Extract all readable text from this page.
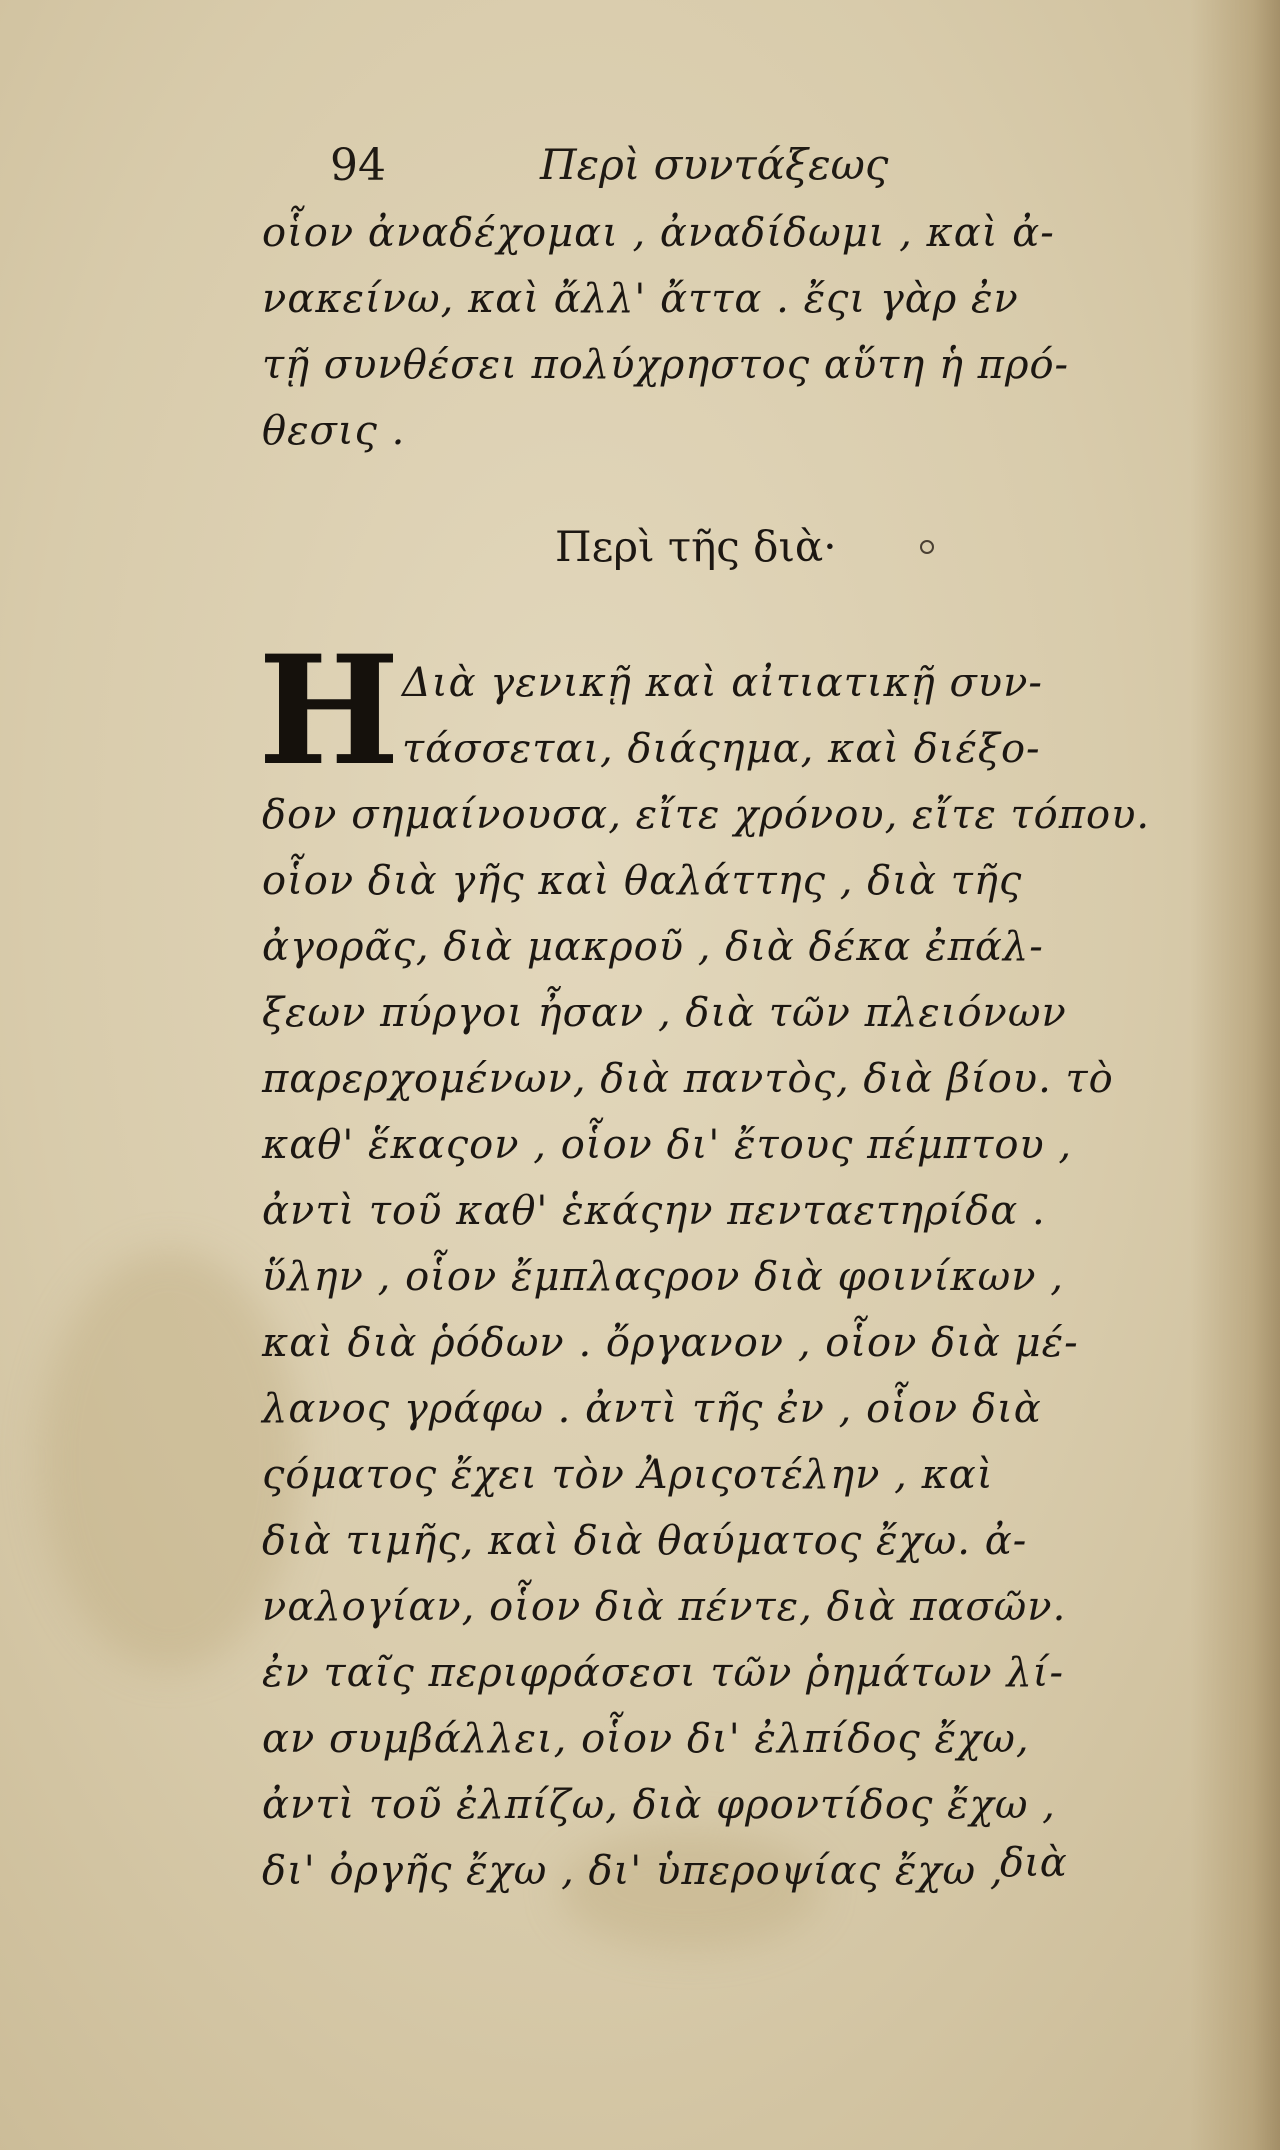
94	Περὶ συντάξεως
οἷον ἀναδέχομαι , ἀναδίδωμι , καὶ ἀ-
νακείνω, καὶ ἄλλ' ἄττα . ἔςι γὰρ ἐν
τῇ συνθέσει πολύχρηστος αὕτη ἡ πρό-
θεσις .
Περὶ τῆς διὰ·
Η Διὰ γενικῇ καὶ αἰτιατικῇ συν-
τάσσεται, διάςημα, καὶ διέξο-
δον σημαίνουσα, εἴτε χρόνου, εἴτε τόπου.
οἷον διὰ γῆς καὶ θαλάττης , διὰ τῆς
ἀγορᾶς, διὰ μακροῦ , διὰ δέκα ἐπάλ-
ξεων πύργοι ἦσαν , διὰ τῶν πλειόνων
παρερχομένων, διὰ παντὸς, διὰ βίου. τὸ
καθ' ἕκαςον , οἷον δι' ἔτους πέμπτου ,
ἀντὶ τοῦ καθ' ἑκάςην πενταετηρίδα .
ὕλην , οἷον ἔμπλαςρον διὰ φοινίκων ,
καὶ διὰ ῥόδων . ὄργανον , οἷον διὰ μέ-
λανος γράφω . ἀντὶ τῆς ἐν , οἷον διὰ
ςόματος ἔχει τὸν Ἀριςοτέλην , καὶ
διὰ τιμῆς, καὶ διὰ θαύματος ἔχω. ἀ-
ναλογίαν, οἷον διὰ πέντε, διὰ πασῶν.
ἐν ταῖς περιφράσεσι τῶν ῥημάτων λί-
αν συμβάλλει, οἷον δι' ἐλπίδος ἔχω,
ἀντὶ τοῦ ἐλπίζω, διὰ φροντίδος ἔχω ,
δι' ὀργῆς ἔχω , δι' ὑπεροψίας ἔχω ,
διὰ
